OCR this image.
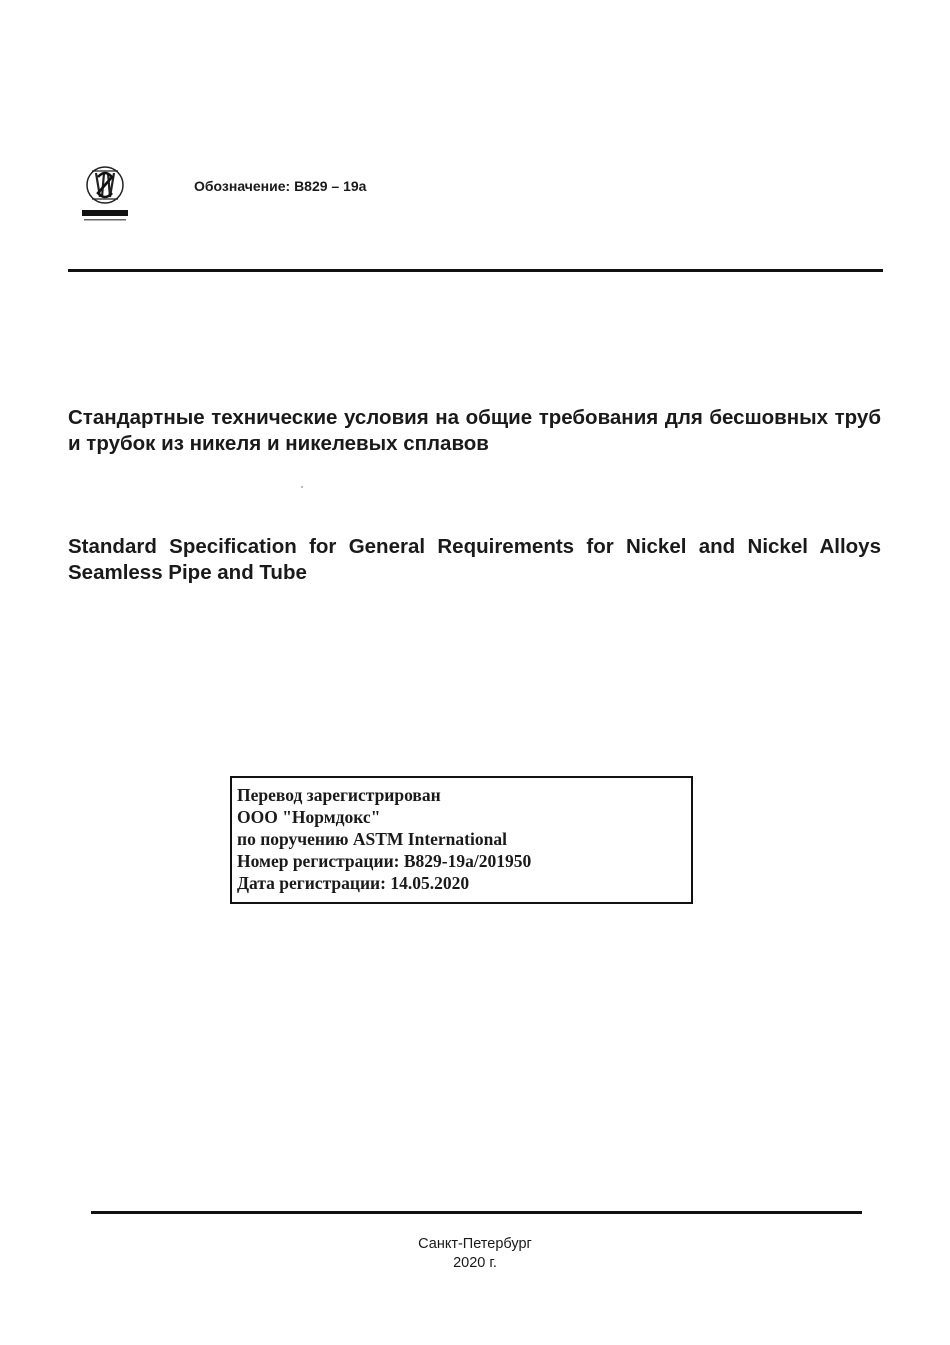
Обозначение: B829 – 19a
Стандартные технические условия на общие требования для бесшовных труб и трубок из никеля и никелевых сплавов
Standard Specification for General Requirements for Nickel and Nickel Alloys Seamless Pipe and Tube
Перевод зарегистрирован
ООО "Нормдокс"
по поручению ASTM International
Номер регистрации: B829-19a/201950
Дата регистрации: 14.05.2020
Санкт-Петербург
2020 г.
